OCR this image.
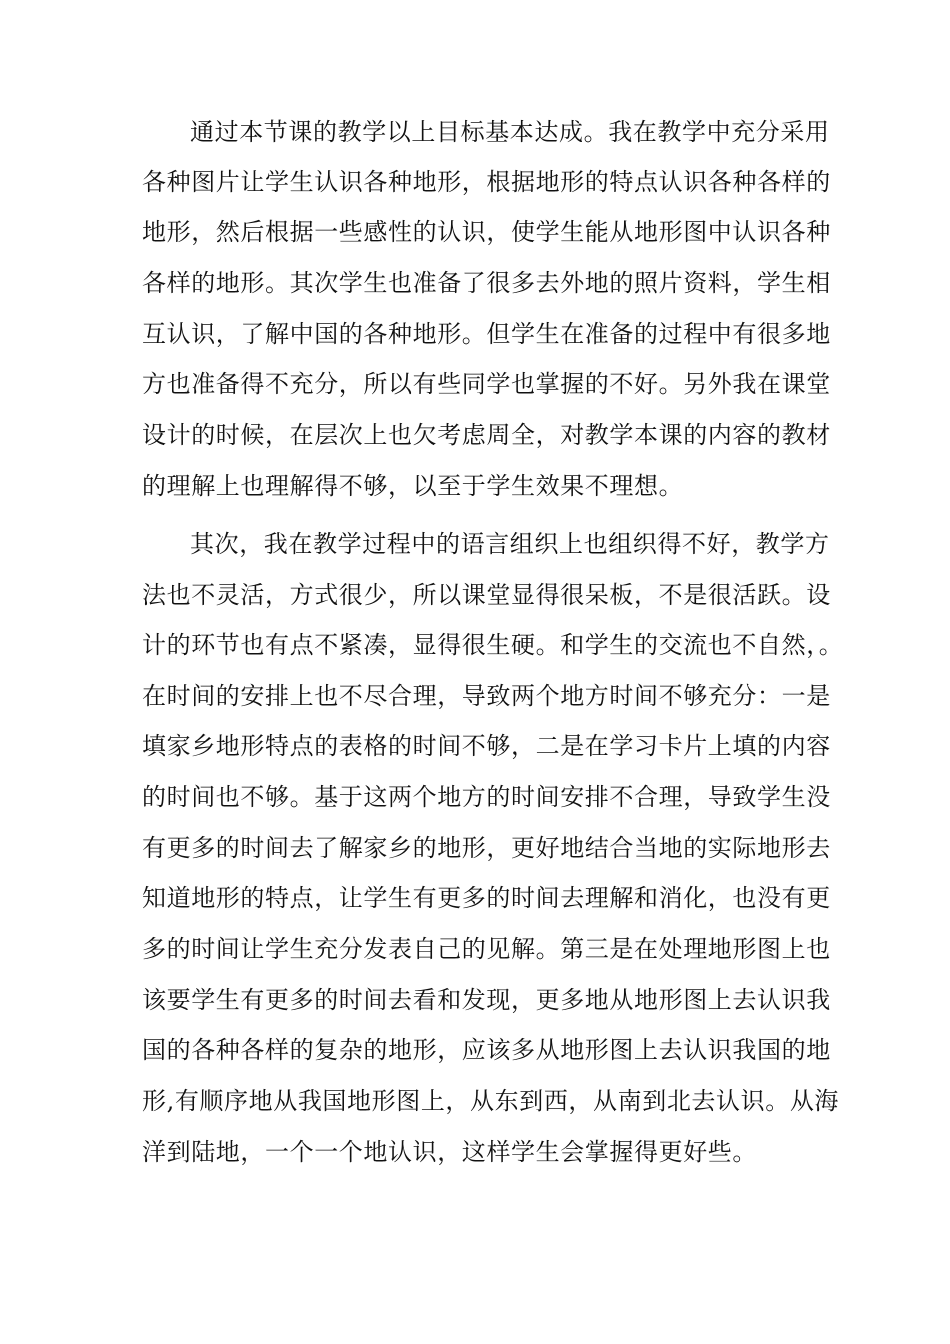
通过本节课的教学以上目标基本达成。我在教学中充分采用
各种图片让学生认识各种地形，根据地形的特点认识各种各样的
地形，然后根据一些感性的认识，使学生能从地形图中认识各种
各样的地形。其次学生也准备了很多去外地的照片资料，学生相
互认识，了解中国的各种地形。但学生在准备的过程中有很多地
方也准备得不充分，所以有些同学也掌握的不好。另外我在课堂
设计的时候，在层次上也欠考虑周全，对教学本课的内容的教材
的理解上也理解得不够，以至于学生效果不理想。
其次，我在教学过程中的语言组织上也组织得不好，教学方
法也不灵活，方式很少，所以课堂显得很呆板，不是很活跃。设
计的环节也有点不紧凑，显得很生硬。和学生的交流也不自然，。
在时间的安排上也不尽合理，导致两个地方时间不够充分：一是
填家乡地形特点的表格的时间不够，二是在学习卡片上填的内容
的时间也不够。基于这两个地方的时间安排不合理，导致学生没
有更多的时间去了解家乡的地形，更好地结合当地的实际地形去
知道地形的特点，让学生有更多的时间去理解和消化，也没有更
多的时间让学生充分发表自己的见解。第三是在处理地形图上也
该要学生有更多的时间去看和发现，更多地从地形图上去认识我
国的各种各样的复杂的地形，应该多从地形图上去认识我国的地
形,有顺序地从我国地形图上，从东到西，从南到北去认识。从海
洋到陆地，一个一个地认识，这样学生会掌握得更好些。
